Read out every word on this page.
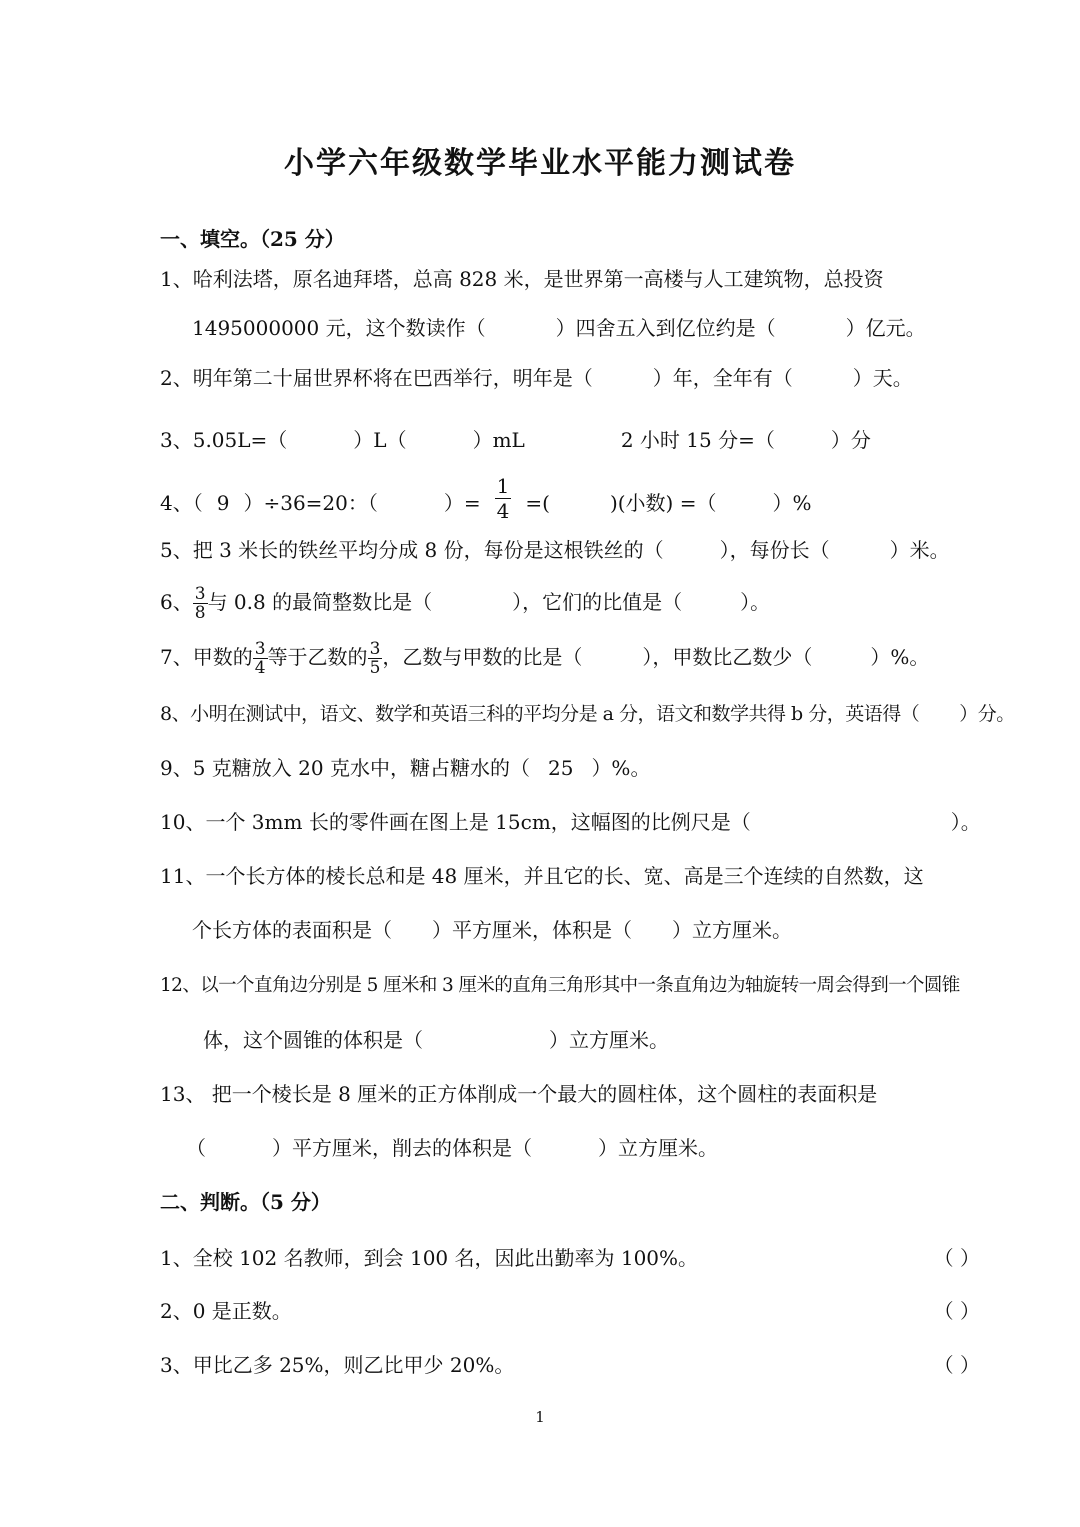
小学六年级数学毕业水平能力测试卷
一、填空。（25 分）
1、哈利法塔，原名迪拜塔，总高 828 米，是世界第一高楼与人工建筑物，总投资
1495000000 元，这个数读作（	）四舍五入到亿位约是（	）亿元。
2、明年第二十届世界杯将在巴西举行，明年是（	）年，全年有（	）天。
3、5.05L=（	）L（	）mL	2 小时 15 分=（	）分
4、（ 9 ）÷36=20：（	）= $\frac{1}{4}$ =(	)(小数) =（	）%
5、把 3 米长的铁丝平均分成 8 份，每份是这根铁丝的（	），每份长（	）米。
6、 $\frac{3}{8}$ 与 0.8 的最简整数比是（	），它们的比值是（	）。
7、甲数的 $\frac{3}{4}$ 等于乙数的 $\frac{3}{5}$ ，乙数与甲数的比是（	），甲数比乙数少（	）%。
8、小明在测试中，语文、数学和英语三科的平均分是 a 分，语文和数学共得 b 分，英语得（ ）分。
9、5 克糖放入 20 克水中，糖占糖水的（ 25 ）%。
10、一个 3mm 长的零件画在图上是 15cm，这幅图的比例尺是（	）。
11、一个长方体的棱长总和是 48 厘米，并且它的长、宽、高是三个连续的自然数，这
个长方体的表面积是（ ）平方厘米，体积是（ ）立方厘米。
12、以一个直角边分别是 5 厘米和 3 厘米的直角三角形其中一条直角边为轴旋转一周会得到一个圆锥
体，这个圆锥的体积是（	）立方厘米。
13、 把一个棱长是 8 厘米的正方体削成一个最大的圆柱体，这个圆柱的表面积是
（	）平方厘米，削去的体积是（	）立方厘米。
二、判断。（5 分）
1、全校 102 名教师，到会 100 名，因此出勤率为 100%。	（ ）
2、0 是正数。	（ ）
3、甲比乙多 25%，则乙比甲少 20%。	（ ）
1
